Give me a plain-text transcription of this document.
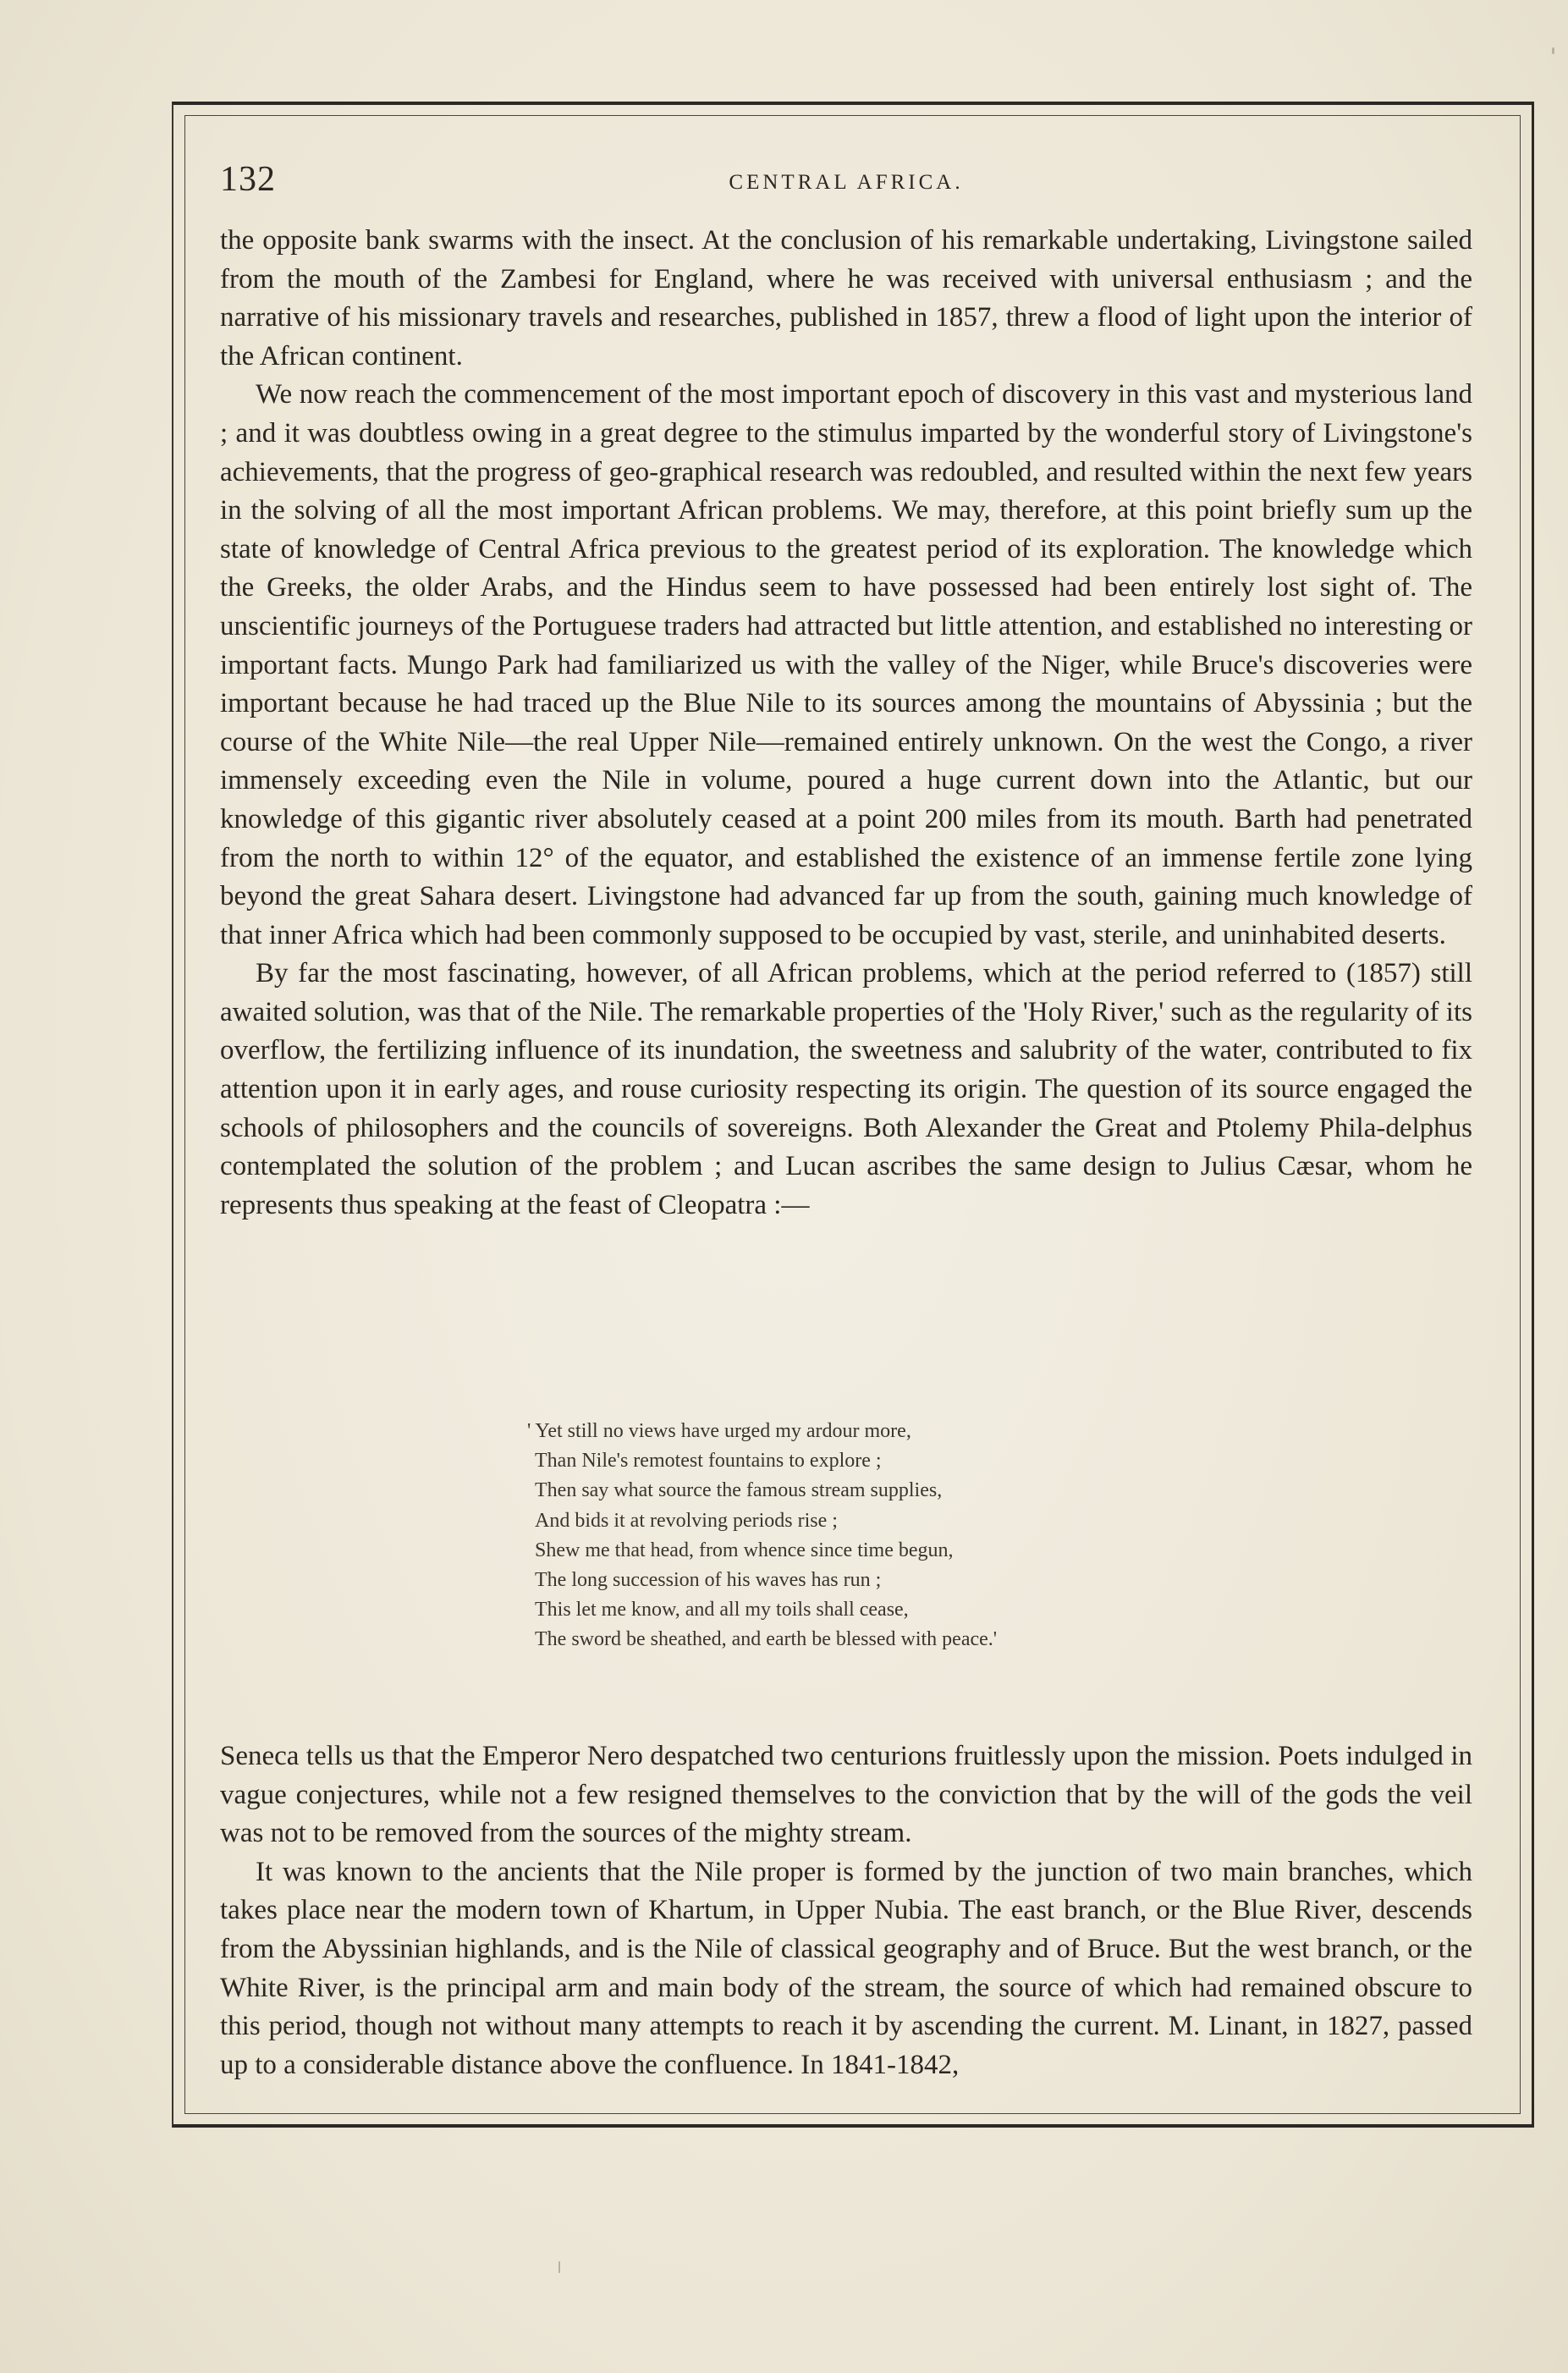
132	CENTRAL AFRICA.

the opposite bank swarms with the insect. At the conclusion of his remarkable undertaking, Livingstone sailed from the mouth of the Zambesi for England, where he was received with universal enthusiasm ; and the narrative of his missionary travels and researches, published in 1857, threw a flood of light upon the interior of the African continent.

We now reach the commencement of the most important epoch of discovery in this vast and mysterious land ; and it was doubtless owing in a great degree to the stimulus imparted by the wonderful story of Livingstone's achievements, that the progress of geo-graphical research was redoubled, and resulted within the next few years in the solving of all the most important African problems. We may, therefore, at this point briefly sum up the state of knowledge of Central Africa previous to the greatest period of its exploration. The knowledge which the Greeks, the older Arabs, and the Hindus seem to have possessed had been entirely lost sight of. The unscientific journeys of the Portuguese traders had attracted but little attention, and established no interesting or important facts. Mungo Park had familiarized us with the valley of the Niger, while Bruce's discoveries were important because he had traced up the Blue Nile to its sources among the mountains of Abyssinia ; but the course of the White Nile—the real Upper Nile—remained entirely unknown. On the west the Congo, a river immensely exceeding even the Nile in volume, poured a huge current down into the Atlantic, but our knowledge of this gigantic river absolutely ceased at a point 200 miles from its mouth. Barth had penetrated from the north to within 12° of the equator, and established the existence of an immense fertile zone lying beyond the great Sahara desert. Livingstone had advanced far up from the south, gaining much knowledge of that inner Africa which had been commonly supposed to be occupied by vast, sterile, and uninhabited deserts.

By far the most fascinating, however, of all African problems, which at the period referred to (1857) still awaited solution, was that of the Nile. The remarkable properties of the 'Holy River,' such as the regularity of its overflow, the fertilizing influence of its inundation, the sweetness and salubrity of the water, contributed to fix attention upon it in early ages, and rouse curiosity respecting its origin. The question of its source engaged the schools of philosophers and the councils of sovereigns. Both Alexander the Great and Ptolemy Phila-delphus contemplated the solution of the problem ; and Lucan ascribes the same design to Julius Cæsar, whom he represents thus speaking at the feast of Cleopatra :—

' Yet still no views have urged my ardour more,
Than Nile's remotest fountains to explore ;
Then say what source the famous stream supplies,
And bids it at revolving periods rise ;
Shew me that head, from whence since time begun,
The long succession of his waves has run ;
This let me know, and all my toils shall cease,
The sword be sheathed, and earth be blessed with peace.'

Seneca tells us that the Emperor Nero despatched two centurions fruitlessly upon the mission. Poets indulged in vague conjectures, while not a few resigned themselves to the conviction that by the will of the gods the veil was not to be removed from the sources of the mighty stream.

It was known to the ancients that the Nile proper is formed by the junction of two main branches, which takes place near the modern town of Khartum, in Upper Nubia. The east branch, or the Blue River, descends from the Abyssinian highlands, and is the Nile of classical geography and of Bruce. But the west branch, or the White River, is the principal arm and main body of the stream, the source of which had remained obscure to this period, though not without many attempts to reach it by ascending the current. M. Linant, in 1827, passed up to a considerable distance above the confluence. In 1841-1842,
